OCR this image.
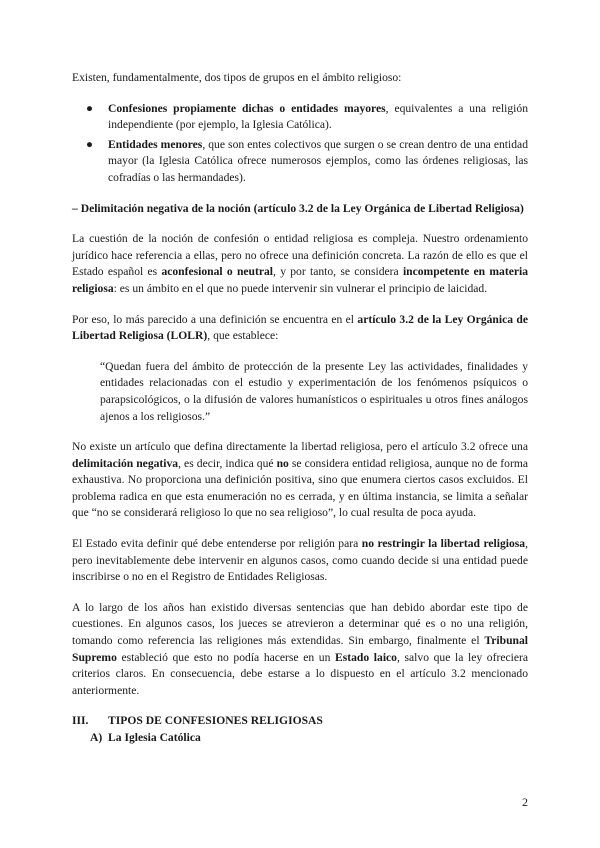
Existen, fundamentalmente, dos tipos de grupos en el ámbito religioso:

● Confesiones propiamente dichas o entidades mayores, equivalentes a una religión independiente (por ejemplo, la Iglesia Católica).
● Entidades menores, que son entes colectivos que surgen o se crean dentro de una entidad mayor (la Iglesia Católica ofrece numerosos ejemplos, como las órdenes religiosas, las cofradías o las hermandades).

– Delimitación negativa de la noción (artículo 3.2 de la Ley Orgánica de Libertad Religiosa)

La cuestión de la noción de confesión o entidad religiosa es compleja. Nuestro ordenamiento jurídico hace referencia a ellas, pero no ofrece una definición concreta. La razón de ello es que el Estado español es aconfesional o neutral, y por tanto, se considera incompetente en materia religiosa: es un ámbito en el que no puede intervenir sin vulnerar el principio de laicidad.

Por eso, lo más parecido a una definición se encuentra en el artículo 3.2 de la Ley Orgánica de Libertad Religiosa (LOLR), que establece:

“Quedan fuera del ámbito de protección de la presente Ley las actividades, finalidades y entidades relacionadas con el estudio y experimentación de los fenómenos psíquicos o parapsicológicos, o la difusión de valores humanísticos o espirituales u otros fines análogos ajenos a los religiosos.”

No existe un artículo que defina directamente la libertad religiosa, pero el artículo 3.2 ofrece una delimitación negativa, es decir, indica qué no se considera entidad religiosa, aunque no de forma exhaustiva. No proporciona una definición positiva, sino que enumera ciertos casos excluidos. El problema radica en que esta enumeración no es cerrada, y en última instancia, se limita a señalar que “no se considerará religioso lo que no sea religioso”, lo cual resulta de poca ayuda.

El Estado evita definir qué debe entenderse por religión para no restringir la libertad religiosa, pero inevitablemente debe intervenir en algunos casos, como cuando decide si una entidad puede inscribirse o no en el Registro de Entidades Religiosas.

A lo largo de los años han existido diversas sentencias que han debido abordar este tipo de cuestiones. En algunos casos, los jueces se atrevieron a determinar qué es o no una religión, tomando como referencia las religiones más extendidas. Sin embargo, finalmente el Tribunal Supremo estableció que esto no podía hacerse en un Estado laico, salvo que la ley ofreciera criterios claros. En consecuencia, debe estarse a lo dispuesto en el artículo 3.2 mencionado anteriormente.

III.	TIPOS DE CONFESIONES RELIGIOSAS
A)  La Iglesia Católica
2
